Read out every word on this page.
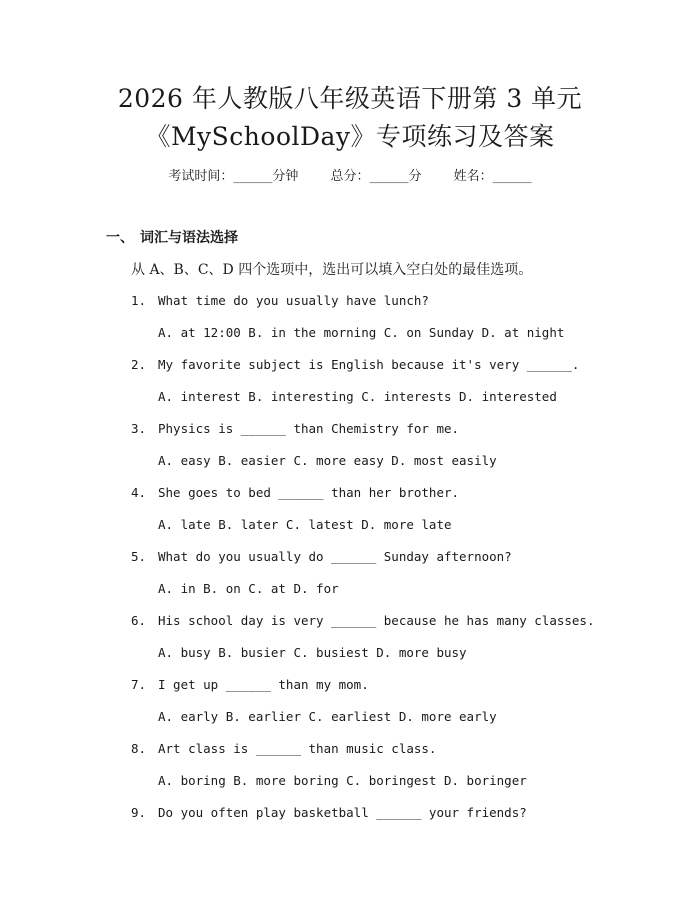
2026 年人教版八年级英语下册第 3 单元
《MySchoolDay》专项练习及答案
考试时间：______分钟 总分：______分 姓名：______
一、 词汇与语法选择
从 A、B、C、D 四个选项中，选出可以填入空白处的最佳选项。
1. What time do you usually have lunch?
A. at 12:00 B. in the morning C. on Sunday D. at night
2. My favorite subject is English because it's very ______.
A. interest B. interesting C. interests D. interested
3. Physics is ______ than Chemistry for me.
A. easy B. easier C. more easy D. most easily
4. She goes to bed ______ than her brother.
A. late B. later C. latest D. more late
5. What do you usually do ______ Sunday afternoon?
A. in B. on C. at D. for
6. His school day is very ______ because he has many classes.
A. busy B. busier C. busiest D. more busy
7. I get up ______ than my mom.
A. early B. earlier C. earliest D. more early
8. Art class is ______ than music class.
A. boring B. more boring C. boringest D. boringer
9. Do you often play basketball ______ your friends?
